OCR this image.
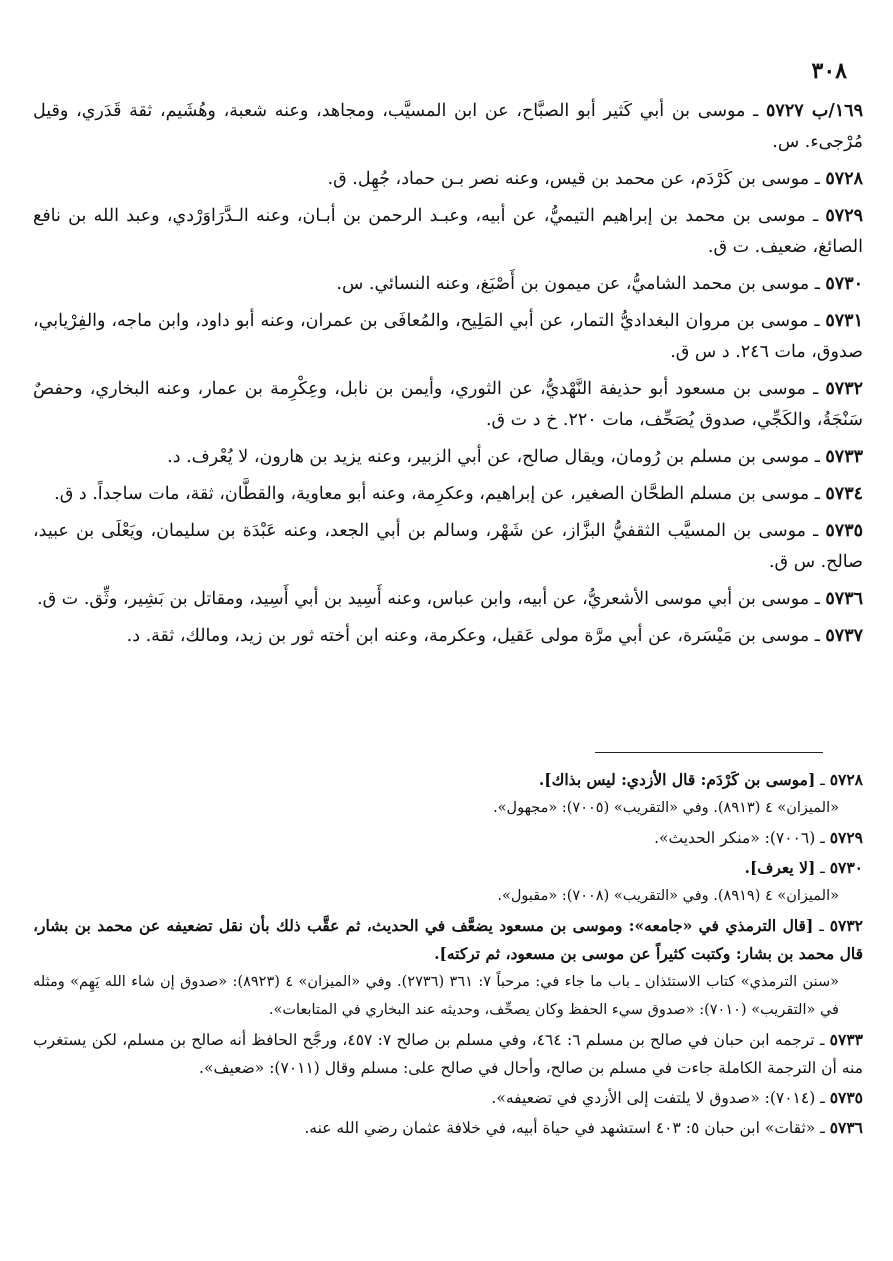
٣٠٨
١٦٩/ب ٥٧٢٧ ـ موسى بن أبي كَثير أبو الصبَّاح، عن ابن المسيَّب، ومجاهد، وعنه شعبة، وهُشَيم، ثقة قَدَري، وقيل مُرْجىء. س.
٥٧٢٨ ـ موسى بن كَرْدَم، عن محمد بن قيس، وعنه نصر بـن حماد، جُهِل. ق.
٥٧٢٩ ـ موسى بن محمد بن إبراهيم التيميُّ، عن أبيه، وعبـد الرحمن بن أبـان، وعنه الـدَّرَاوَرْدي، وعبد الله بن نافع الصائغ، ضعيف. ت ق.
٥٧٣٠ ـ موسى بن محمد الشاميُّ، عن ميمون بن أَصْبَغ، وعنه النسائي. س.
٥٧٣١ ـ موسى بن مروان البغداديُّ التمار، عن أبي المَلِيح، والمُعافَى بن عمران، وعنه أبو داود، وابن ماجه، والفِرْيابي، صدوق، مات ٢٤٦. د س ق.
٥٧٣٢ ـ موسى بن مسعود أبو حذيفة النَّهْديُّ، عن الثوري، وأيمن بن نابل، وعِكْرِمة بن عمار، وعنه البخاري، وحفصٌ سَنْجَةُ، والكَجِّي، صدوق يُصَحِّف، مات ٢٢٠. خ د ت ق.
٥٧٣٣ ـ موسى بن مسلم بن رُومان، ويقال صالح، عن أبي الزبير، وعنه يزيد بن هارون، لا يُعْرف. د.
٥٧٣٤ ـ موسى بن مسلم الطحَّان الصغير، عن إبراهيم، وعكرِمة، وعنه أبو معاوية، والقطَّان، ثقة، مات ساجداً. د ق.
٥٧٣٥ ـ موسى بن المسيَّب الثقفيُّ البزَّاز، عن شَهْر، وسالم بن أبي الجعد، وعنه عَبْدَة بن سليمان، ويَعْلَى بن عبيد، صالح. س ق.
٥٧٣٦ ـ موسى بن أبي موسى الأشعريُّ، عن أبيه، وابن عباس، وعنه أَسِيد بن أبي أَسِيد، ومقاتل بن بَشِير، وثِّق. ت ق.
٥٧٣٧ ـ موسى بن مَيْسَرة، عن أبي مرَّة مولى عَقيل، وعكرمة، وعنه ابن أخته ثور بن زيد، ومالك، ثقة. د.
٥٧٢٨ ـ [موسى بن كَرْدَم: قال الأزدي: ليس بذاك].
«الميزان» ٤ (٨٩١٣). وفي «التقريب» (٧٠٠٥): «مجهول».
٥٧٢٩ ـ (٧٠٠٦): «منكر الحديث».
٥٧٣٠ ـ [لا يعرف].
«الميزان» ٤ (٨٩١٩). وفي «التقريب» (٧٠٠٨): «مقبول».
٥٧٣٢ ـ [قال الترمذي في «جامعه»: وموسى بن مسعود يضعَّف في الحديث، ثم عقَّب ذلك بأن نقل تضعيفه عن محمد بن بشار، قال محمد بن بشار: وكتبت كثيراً عن موسى بن مسعود، ثم تركته].
«سنن الترمذي» كتاب الاستئذان ـ باب ما جاء في: مرحباً ٧: ٣٦١ (٢٧٣٦). وفي «الميزان» ٤ (٨٩٢٣): «صدوق إن شاء الله يَهِم» ومثله في «التقريب» (٧٠١٠): «صدوق سيء الحفظ وكان يصحِّف، وحديثه عند البخاري في المتابعات».
٥٧٣٣ ـ ترجمه ابن حبان في صالح بن مسلم ٦: ٤٦٤، وفي مسلم بن صالح ٧: ٤٥٧، ورجَّح الحافظ أنه صالح بن مسلم، لكن يستغرب منه أن الترجمة الكاملة جاءت في مسلم بن صالح، وأحال في صالح على: مسلم وقال (٧٠١١): «ضعيف».
٥٧٣٥ ـ (٧٠١٤): «صدوق لا يلتفت إلى الأزدي في تضعيفه».
٥٧٣٦ ـ «ثقات» ابن حبان ٥: ٤٠٣ استشهد في حياة أبيه، في خلافة عثمان رضي الله عنه.
